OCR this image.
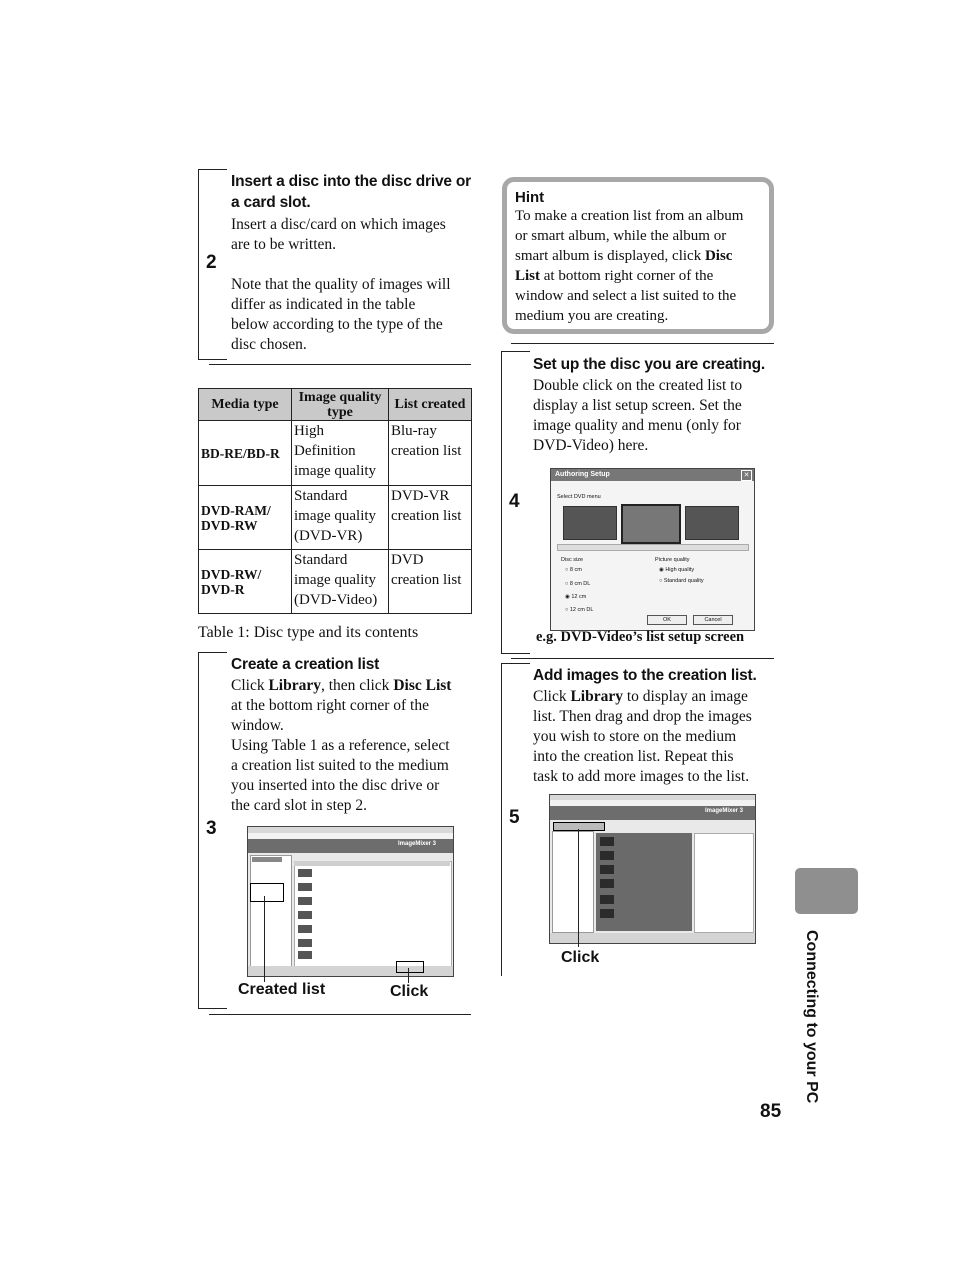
2
Insert a disc into the disc drive or
a card slot.
Insert a disc/card on which images
are to be written.
Note that the quality of images will
differ as indicated in the table
below according to the type of the
disc chosen.
Media type	Image quality type	List created
BD-RE/BD-R	High Definition image quality	Blu-ray creation list
DVD-RAM/ DVD-RW	Standard image quality (DVD-VR)	DVD-VR creation list
DVD-RW/ DVD-R	Standard image quality (DVD-Video)	DVD creation list
Table 1: Disc type and its contents
3
Create a creation list
Click Library, then click Disc List
at the bottom right corner of the
window.
Using Table 1 as a reference, select
a creation list suited to the medium
you inserted into the disc drive or
the card slot in step 2.
ImageMixer 3
Created list	Click
Hint
To make a creation list from an album
or smart album, while the album or
smart album is displayed, click Disc
List at bottom right corner of the
window and select a list suited to the
medium you are creating.
4
Set up the disc you are creating.
Double click on the created list to
display a list setup screen. Set the
image quality and menu (only for
DVD-Video) here.
Authoring Setup	✕
Select DVD menu
Disc size
○ 8 cm
○ 8 cm DL
◉ 12 cm
○ 12 cm DL
Picture quality
◉ High quality
○ Standard quality
OK	Cancel
e.g. DVD-Video’s list setup screen
5
Add images to the creation list.
Click Library to display an image
list. Then drag and drop the images
you wish to store on the medium
into the creation list. Repeat this
task to add more images to the list.
ImageMixer 3
Click	Connecting to your PC
85
